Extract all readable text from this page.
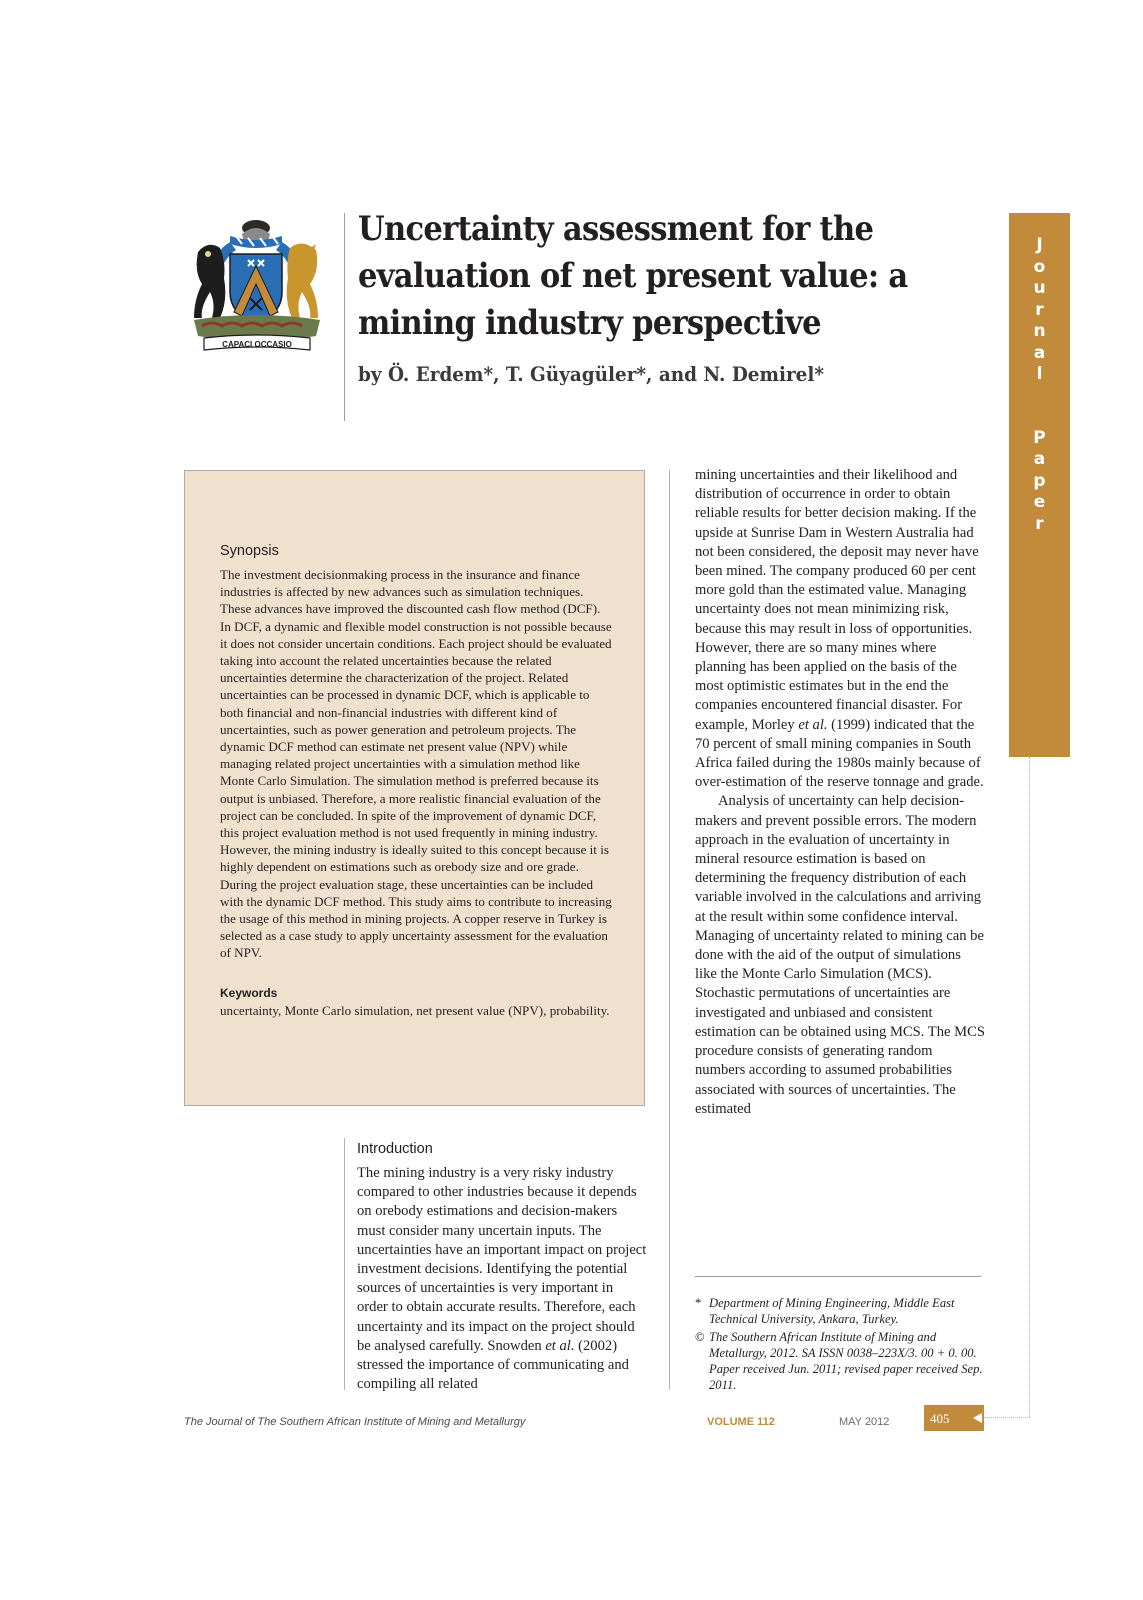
CAPACI OCCASIO
Uncertainty assessment for the evaluation of net present value: a mining industry perspective

by Ö. Erdem*, T. Güyagüler*, and N. Demirel*

J
o
u
r
n
a
l
P
a
p
e
r
Synopsis

The investment decisionmaking process in the insurance and finance industries is affected by new advances such as simulation techniques. These advances have improved the discounted cash flow method (DCF). In DCF, a dynamic and flexible model construction is not possible because it does not consider uncertain conditions. Each project should be evaluated taking into account the related uncertainties because the related uncertainties determine the characterization of the project. Related uncertainties can be processed in dynamic DCF, which is applicable to both financial and non-financial industries with different kind of uncertainties, such as power generation and petroleum projects. The dynamic DCF method can estimate net present value (NPV) while managing related project uncertainties with a simulation method like Monte Carlo Simulation. The simulation method is preferred because its output is unbiased. Therefore, a more realistic financial evaluation of the project can be concluded. In spite of the improvement of dynamic DCF, this project evaluation method is not used frequently in mining industry. However, the mining industry is ideally suited to this concept because it is highly dependent on estimations such as orebody size and ore grade. During the project evaluation stage, these uncertainties can be included with the dynamic DCF method. This study aims to contribute to increasing the usage of this method in mining projects. A copper reserve in Turkey is selected as a case study to apply uncertainty assessment for the evaluation of NPV.

Keywords

uncertainty, Monte Carlo simulation, net present value (NPV), probability.

Introduction

The mining industry is a very risky industry compared to other industries because it depends on orebody estimations and decision-makers must consider many uncertain inputs. The uncertainties have an important impact on project investment decisions. Identifying the potential sources of uncertainties is very important in order to obtain accurate results. Therefore, each uncertainty and its impact on the project should be analysed carefully. Snowden et al. (2002) stressed the importance of communicating and compiling all related

mining uncertainties and their likelihood and distribution of occurrence in order to obtain reliable results for better decision making. If the upside at Sunrise Dam in Western Australia had not been considered, the deposit may never have been mined. The company produced 60 per cent more gold than the estimated value. Managing uncertainty does not mean minimizing risk, because this may result in loss of opportunities. However, there are so many mines where planning has been applied on the basis of the most optimistic estimates but in the end the companies encountered financial disaster. For example, Morley et al. (1999) indicated that the 70 percent of small mining companies in South Africa failed during the 1980s mainly because of over-estimation of the reserve tonnage and grade.

Analysis of uncertainty can help decision-makers and prevent possible errors. The modern approach in the evaluation of uncertainty in mineral resource estimation is based on determining the frequency distribution of each variable involved in the calculations and arriving at the result within some confidence interval. Managing of uncertainty related to mining can be done with the aid of the output of simulations like the Monte Carlo Simulation (MCS). Stochastic permutations of uncertainties are investigated and unbiased and consistent estimation can be obtained using MCS. The MCS procedure consists of generating random numbers according to assumed probabilities associated with sources of uncertainties. The estimated

* Department of Mining Engineering, Middle East Technical University, Ankara, Turkey.

© The Southern African Institute of Mining and Metallurgy, 2012. SA ISSN 0038–223X/3. 00 + 0. 00. Paper received Jun. 2011; revised paper received Sep. 2011.

The Journal of The Southern African Institute of Mining and Metallurgy	VOLUME 112	MAY 2012	405
